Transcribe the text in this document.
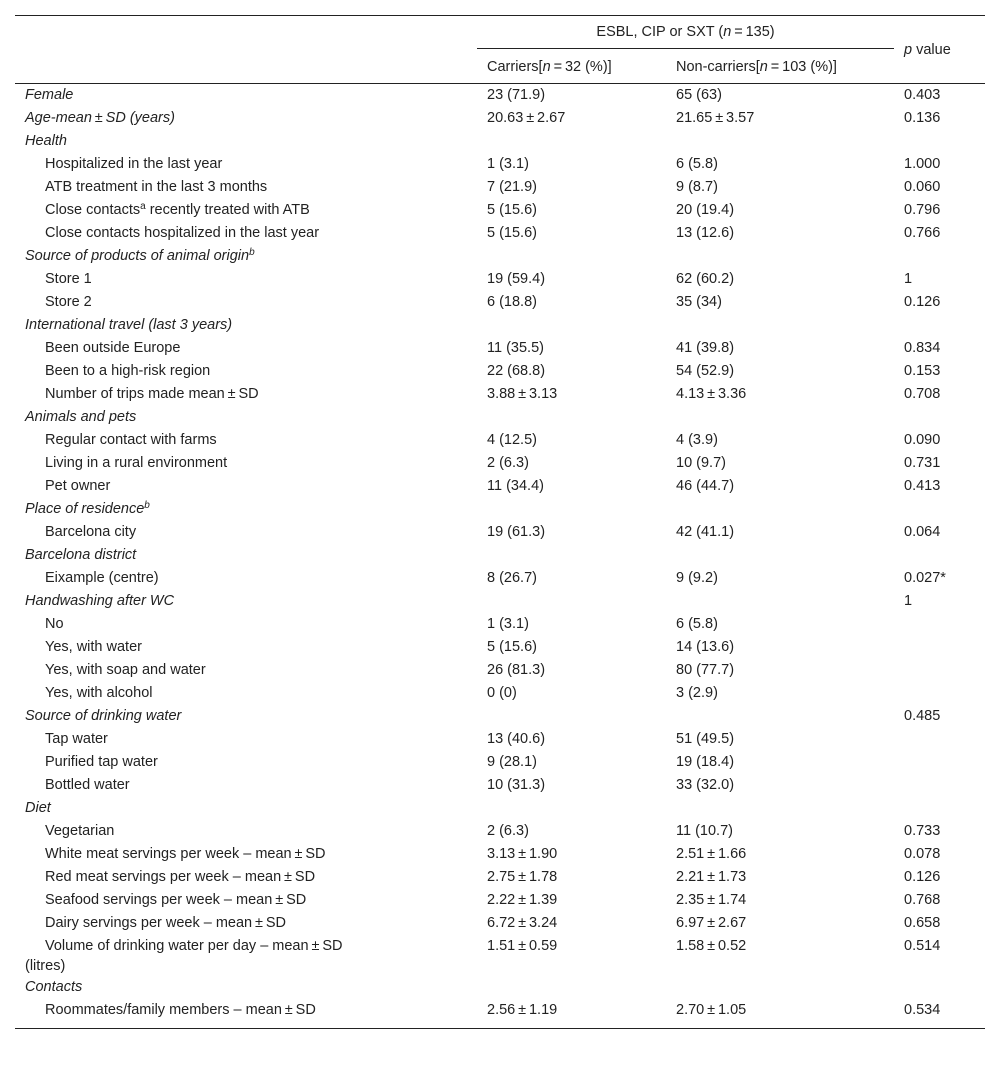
	ESBL, CIP or SXT (n = 135)		p value
	Carriers[n = 32 (%)]	Non-carriers[n = 103 (%)]	
Female	23 (71.9)	65 (63)	0.403
Age-mean ± SD (years)	20.63 ± 2.67	21.65 ± 3.57	0.136
Health			
Hospitalized in the last year	1 (3.1)	6 (5.8)	1.000
ATB treatment in the last 3 months	7 (21.9)	9 (8.7)	0.060
Close contacts$^a$ recently treated with ATB	5 (15.6)	20 (19.4)	0.796
Close contacts hospitalized in the last year	5 (15.6)	13 (12.6)	0.766
Source of products of animal origin$^b$			
Store 1	19 (59.4)	62 (60.2)	1
Store 2	6 (18.8)	35 (34)	0.126
International travel (last 3 years)			
Been outside Europe	11 (35.5)	41 (39.8)	0.834
Been to a high-risk region	22 (68.8)	54 (52.9)	0.153
Number of trips made mean ± SD	3.88 ± 3.13	4.13 ± 3.36	0.708
Animals and pets			
Regular contact with farms	4 (12.5)	4 (3.9)	0.090
Living in a rural environment	2 (6.3)	10 (9.7)	0.731
Pet owner	11 (34.4)	46 (44.7)	0.413
Place of residence$^b$			
Barcelona city	19 (61.3)	42 (41.1)	0.064
Barcelona district			
Eixample (centre)	8 (26.7)	9 (9.2)	0.027*
Handwashing after WC			1
No	1 (3.1)	6 (5.8)	
Yes, with water	5 (15.6)	14 (13.6)	
Yes, with soap and water	26 (81.3)	80 (77.7)	
Yes, with alcohol	0 (0)	3 (2.9)	
Source of drinking water			0.485
Tap water	13 (40.6)	51 (49.5)	
Purified tap water	9 (28.1)	19 (18.4)	
Bottled water	10 (31.3)	33 (32.0)	
Diet			
Vegetarian	2 (6.3)	11 (10.7)	0.733
White meat servings per week – mean ± SD	3.13 ± 1.90	2.51 ± 1.66	0.078
Red meat servings per week – mean ± SD	2.75 ± 1.78	2.21 ± 1.73	0.126
Seafood servings per week – mean ± SD	2.22 ± 1.39	2.35 ± 1.74	0.768
Dairy servings per week – mean ± SD	6.72 ± 3.24	6.97 ± 2.67	0.658
Volume of drinking water per day – mean ± SD
(litres)	1.51 ± 0.59	1.58 ± 0.52	0.514
Contacts			
Roommates/family members – mean ± SD	2.56 ± 1.19	2.70 ± 1.05	0.534
